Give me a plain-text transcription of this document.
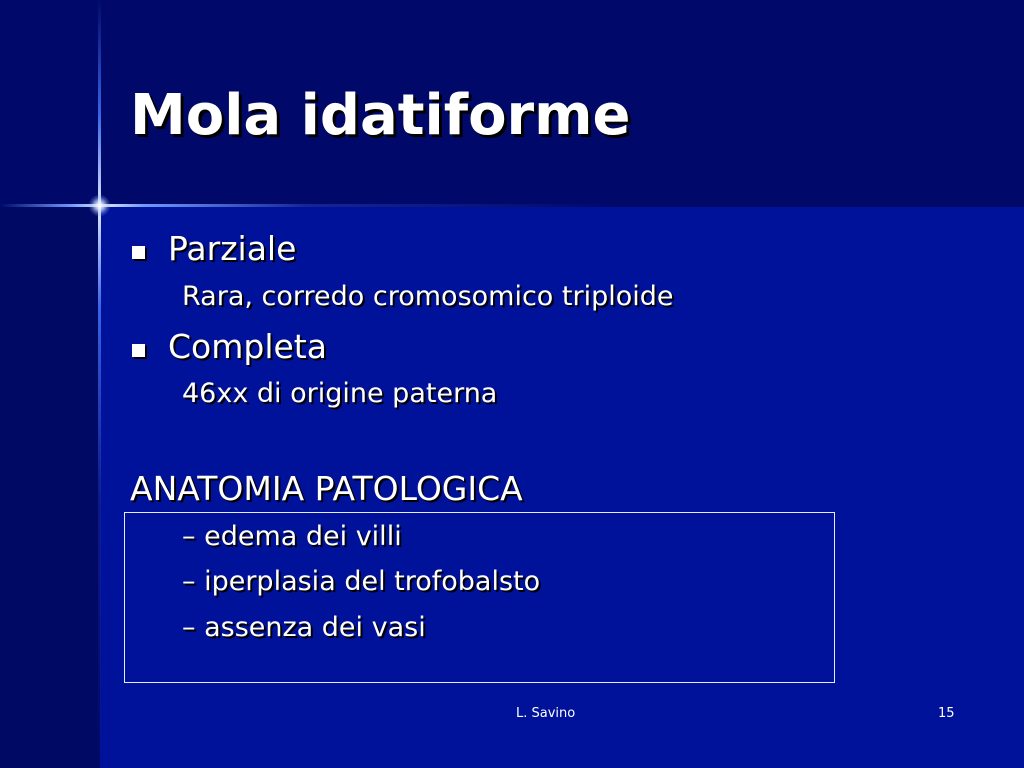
Mola idatiforme
Parziale
Rara, corredo cromosomico triploide
Completa
46xx di origine paterna
ANATOMIA PATOLOGICA
– edema dei villi
– iperplasia del trofobalsto
– assenza dei vasi
L. Savino	15
